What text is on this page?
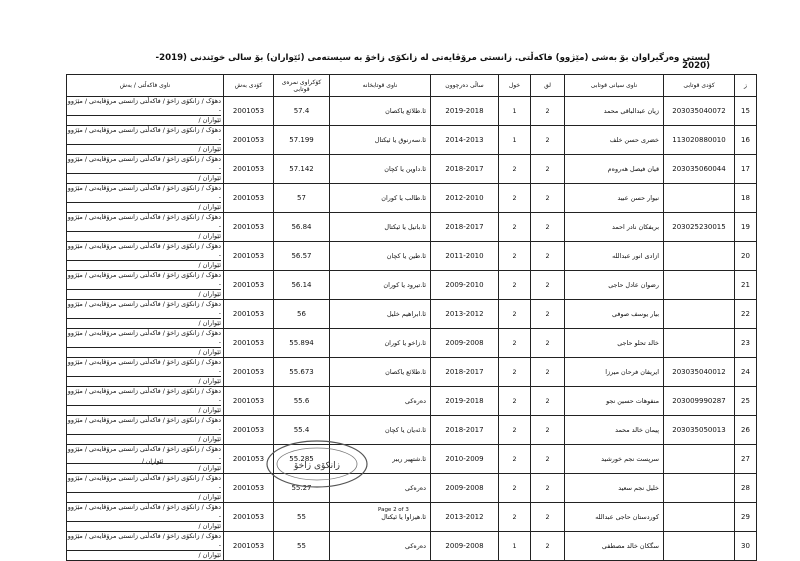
لیستی وەرگیراوان بۆ بەشی (مێژوو) فاکەڵتی. زانستی مرۆڤایەتی لە زانکۆی زاخۆ بە سیستەمی (ئێواران) بۆ سالی خوێندنی (2019-
(2020
ناوی فاکەڵتی / بەش	کۆدی بەش	کۆکراوی نمرەی قوتابی	ناوی قوتابخانە	ساڵی دەرچوون	خول	لق	ناوی سیانی قوتابی	کۆدی قوتابی	ز

دهۆک / زانکۆی زاخۆ / فاکەڵتی زانستی مرۆڤایەتی / مێژوو -
ئێواران /	2001053	57.4	ئا.طلائع یاکصان	2019-2018	1	2	زیان عبدالباقی محمد	203035040072	15

دهۆک / زانکۆی زاخۆ / فاکەڵتی زانستی مرۆڤایەتی / مێژوو -
ئێواران /	2001053	57.199	ئا.سەرنوق یا ئیکتال	2014-2013	1	2	خضری حسن خلف	113020880010	16

دهۆک / زانکۆی زاخۆ / فاکەڵتی زانستی مرۆڤایەتی / مێژوو -
ئێواران /	2001053	57.142	ئا.داوین یا کچان	2018-2017	2	2	قیان فیصل هەروەم	203035060044	17

دهۆک / زانکۆی زاخۆ / فاکەڵتی زانستی مرۆڤایەتی / مێژوو -
ئێواران /	2001053	57	ئا.طالب یا کوران	2012-2010	2	2	نیوار حسن عبید		18

دهۆک / زانکۆی زاخۆ / فاکەڵتی زانستی مرۆڤایەتی / مێژوو -
ئێواران /	2001053	56.84	ئا.باتیل یا ئیکتال	2018-2017	2	2	بریفکان نادر احمد	203025230015	19

دهۆک / زانکۆی زاخۆ / فاکەڵتی زانستی مرۆڤایەتی / مێژوو -
ئێواران /	2001053	56.57	ئا.طین یا کچان	2011-2010	2	2	ازادی انور عبداللە		20

دهۆک / زانکۆی زاخۆ / فاکەڵتی زانستی مرۆڤایەتی / مێژوو -
ئێواران /	2001053	56.14	ئا.تیرود یا کوران	2009-2010	2	2	رضوان عادل حاجی		21

دهۆک / زانکۆی زاخۆ / فاکەڵتی زانستی مرۆڤایەتی / مێژوو -
ئێواران /	2001053	56	ئا.ابراهیم خلیل	2013-2012	2	2	بیار یوسف صوفی		22

دهۆک / زانکۆی زاخۆ / فاکەڵتی زانستی مرۆڤایەتی / مێژوو -
ئێواران /	2001053	55.894	ئا.زاخو یا کوران	2009-2008	2	2	خالد تحلو حاجی		23

دهۆک / زانکۆی زاخۆ / فاکەڵتی زانستی مرۆڤایەتی / مێژوو -
ئێواران /	2001053	55.673	ئا.طلائع یاکصان	2018-2017	2	2	ایریفان فرحان میرزا	203035040012	24

دهۆک / زانکۆی زاخۆ / فاکەڵتی زانستی مرۆڤایەتی / مێژوو -
ئێواران /	2001053	55.6	دەرەکی	2019-2018	2	2	منفوهات حسین نجو	203009990287	25

دهۆک / زانکۆی زاخۆ / فاکەڵتی زانستی مرۆڤایەتی / مێژوو -
ئێواران /	2001053	55.4	ئا.ئەیان یا کچان	2018-2017	2	2	پیمان خالد محمد	203035050013	26

دهۆک / زانکۆی زاخۆ / فاکەڵتی زانستی مرۆڤایەتی / مێژوو -
ئێواران /	2001053	55.285	ئا.شتهیر ریبر	2010-2009	2	2	سرپست نجم خورشید		27

دهۆک / زانکۆی زاخۆ / فاکەڵتی زانستی مرۆڤایەتی / مێژوو -
ئێواران /	2001053	55.27	دەرەکی	2009-2008	2	2	خلیل نجم سعید		28

دهۆک / زانکۆی زاخۆ / فاکەڵتی زانستی مرۆڤایەتی / مێژوو -
ئێواران /	2001053	55	ئا.هیزاوا یا ئیکتال	2013-2012	2	2	کوردستان حاجی عبداللە		29

دهۆک / زانکۆی زاخۆ / فاکەڵتی زانستی مرۆڤایەتی / مێژوو -
ئێواران /	2001053	55	دەرەکی	2009-2008	1	2	سگکان خالد مصطفی		30
ئێواران /	زانكۆی زاخۆ
Page 2 of 3
